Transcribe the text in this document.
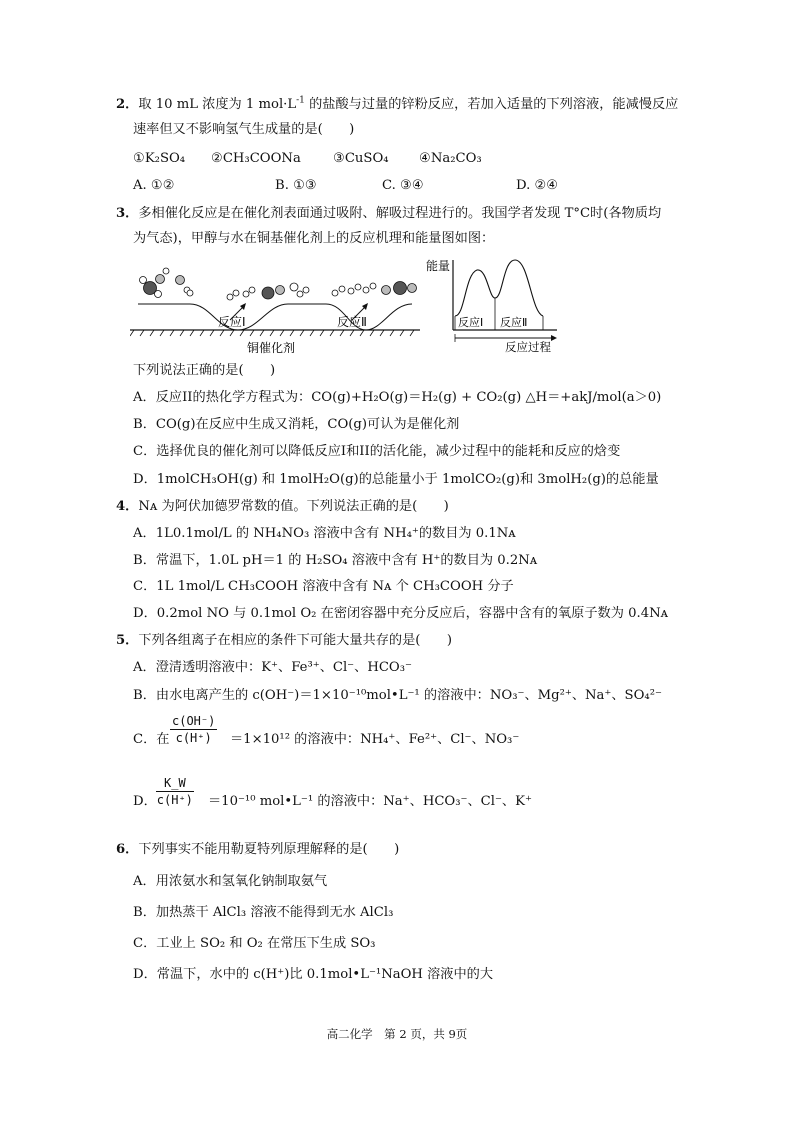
2．取 10 mL 浓度为 1 $mol\cdot L^{-1}$ 的盐酸与过量的锌粉反应，若加入适量的下列溶液，能减慢反应
速率但又不影响氢气生成量的是(　　)
①K₂SO₄ ②CH₃COONa ③CuSO₄ ④Na₂CO₃
A. ①②	B. ①③	C. ③④	D. ②④
3．多相催化反应是在催化剂表面通过吸附、解吸过程进行的。我国学者发现 T°C时(各物质均
为气态)，甲醇与水在铜基催化剂上的反应机理和能量图如图：
反应Ⅰ	反应Ⅱ
铜催化剂
能量
反应Ⅰ 反应Ⅱ
反应过程
下列说法正确的是(　　)
A．反应II的热化学方程式为：CO(g)+H₂O(g)＝H₂(g) + CO₂(g) △H＝+akJ/mol(a＞0)
B．CO(g)在反应中生成又消耗，CO(g)可认为是催化剂
C．选择优良的催化剂可以降低反应I和II的活化能，减少过程中的能耗和反应的焓变
D．1molCH₃OH(g) 和 1molH₂O(g)的总能量小于 1molCO₂(g)和 3molH₂(g)的总能量
4．Nᴀ 为阿伏加德罗常数的值。下列说法正确的是(　　)
A．1L0.1mol/L 的 NH₄NO₃ 溶液中含有 NH₄⁺的数目为 0.1Nᴀ
B．常温下，1.0L pH＝1 的 H₂SO₄ 溶液中含有 H⁺的数目为 0.2Nᴀ
C．1L 1mol/L CH₃COOH 溶液中含有 Nᴀ 个 CH₃COOH 分子
D．0.2mol NO 与 0.1mol O₂ 在密闭容器中充分反应后，容器中含有的氧原子数为 0.4Nᴀ
5．下列各组离子在相应的条件下可能大量共存的是(　　)
A．澄清透明溶液中：K⁺、Fe³⁺、Cl⁻、HCO₃⁻
B．由水电离产生的 c(OH⁻)＝1×10⁻¹⁰mol•L⁻¹ 的溶液中：NO₃⁻、Mg²⁺、Na⁺、SO₄²⁻
C．在 $\frac{c(OH^-)}{c(H^+)} =1\times 10^{12}$ 的溶液中：NH₄⁺、Fe²⁺、Cl⁻、NO₃⁻
D． $\frac{K\_W}{c(H^+)} =10^{-10}$ mol•L⁻¹ 的溶液中：Na⁺、HCO₃⁻、Cl⁻、K⁺
6．下列事实不能用勒夏特列原理解释的是(　　)
A．用浓氨水和氢氧化钠制取氨气
B．加热蒸干 AlCl₃ 溶液不能得到无水 AlCl₃
C．工业上 SO₂ 和 O₂ 在常压下生成 SO₃
D．常温下，水中的 c(H⁺)比 0.1mol•L⁻¹NaOH 溶液中的大
高二化学　第 2 页，共 9页
